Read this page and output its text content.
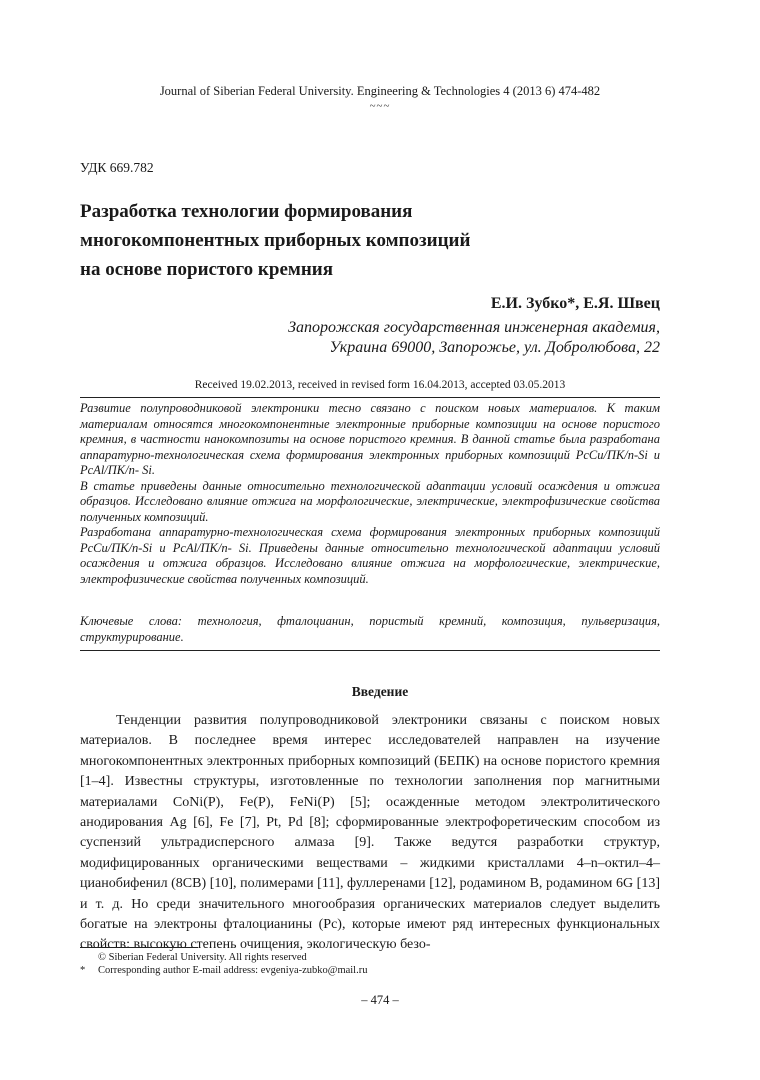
Journal of Siberian Federal University. Engineering & Technologies 4 (2013 6) 474-482
~~~
УДК 669.782
Разработка технологии формирования
многокомпонентных приборных композиций
на основе пористого кремния
Е.И. Зубко*, Е.Я. Швец
Запорожская государственная инженерная академия,
Украина 69000, Запорожье, ул. Добролюбова, 22
Received 19.02.2013, received in revised form 16.04.2013, accepted 03.05.2013

Развитие полупроводниковой электроники тесно связано с поиском новых материалов. К таким материалам относятся многокомпонентные электронные приборные композиции на основе пористого кремния, в частности нанокомпозиты на основе пористого кремния. В данной статье была разработана аппаратурно-технологическая схема формирования электронных приборных композиций PcCu/ПК/n-Si и PcAl/ПК/n- Si.

В статье приведены данные относительно технологической адаптации условий осаждения и отжига образцов. Исследовано влияние отжига на морфологические, электрические, электрофизические свойства полученных композиций.

Разработана аппаратурно-технологическая схема формирования электронных приборных композиций PcCu/ПК/n-Si и PcAl/ПК/n- Si. Приведены данные относительно технологической адаптации условий осаждения и отжига образцов. Исследовано влияние отжига на морфологические, электрические, электрофизические свойства полученных композиций.

Ключевые слова: технология, фталоцианин, пористый кремний, композиция, пульверизация, структурирование.
Введение

Тенденции развития полупроводниковой электроники связаны с поиском новых материалов. В последнее время интерес исследователей направлен на изучение многокомпонентных электронных приборных композиций (БЕПК) на основе пористого кремния [1–4]. Известны структуры, изготовленные по технологии заполнения пор магнитными материалами CoNi(P), Fe(P), FeNi(P) [5]; осажденные методом электролитического анодирования Ag [6], Fe [7], Pt, Pd [8]; сформированные электрофоретическим способом из суспензий ультрадисперсного алмаза [9]. Также ведутся разработки структур, модифицированных органическими веществами – жидкими кристаллами 4–n–октил–4–цианобифенил (8CB) [10], полимерами [11], фуллеренами [12], родамином B, родамином 6G [13] и т. д. Но среди значительного многообразия органических материалов следует выделить богатые на электроны фталоцианины (Pc), которые имеют ряд интересных функциональных свойств: высокую степень очищения, экологическую безо-

© Siberian Federal University. All rights reserved
* Corresponding author E-mail address: evgeniya-zubko@mail.ru
– 474 –
